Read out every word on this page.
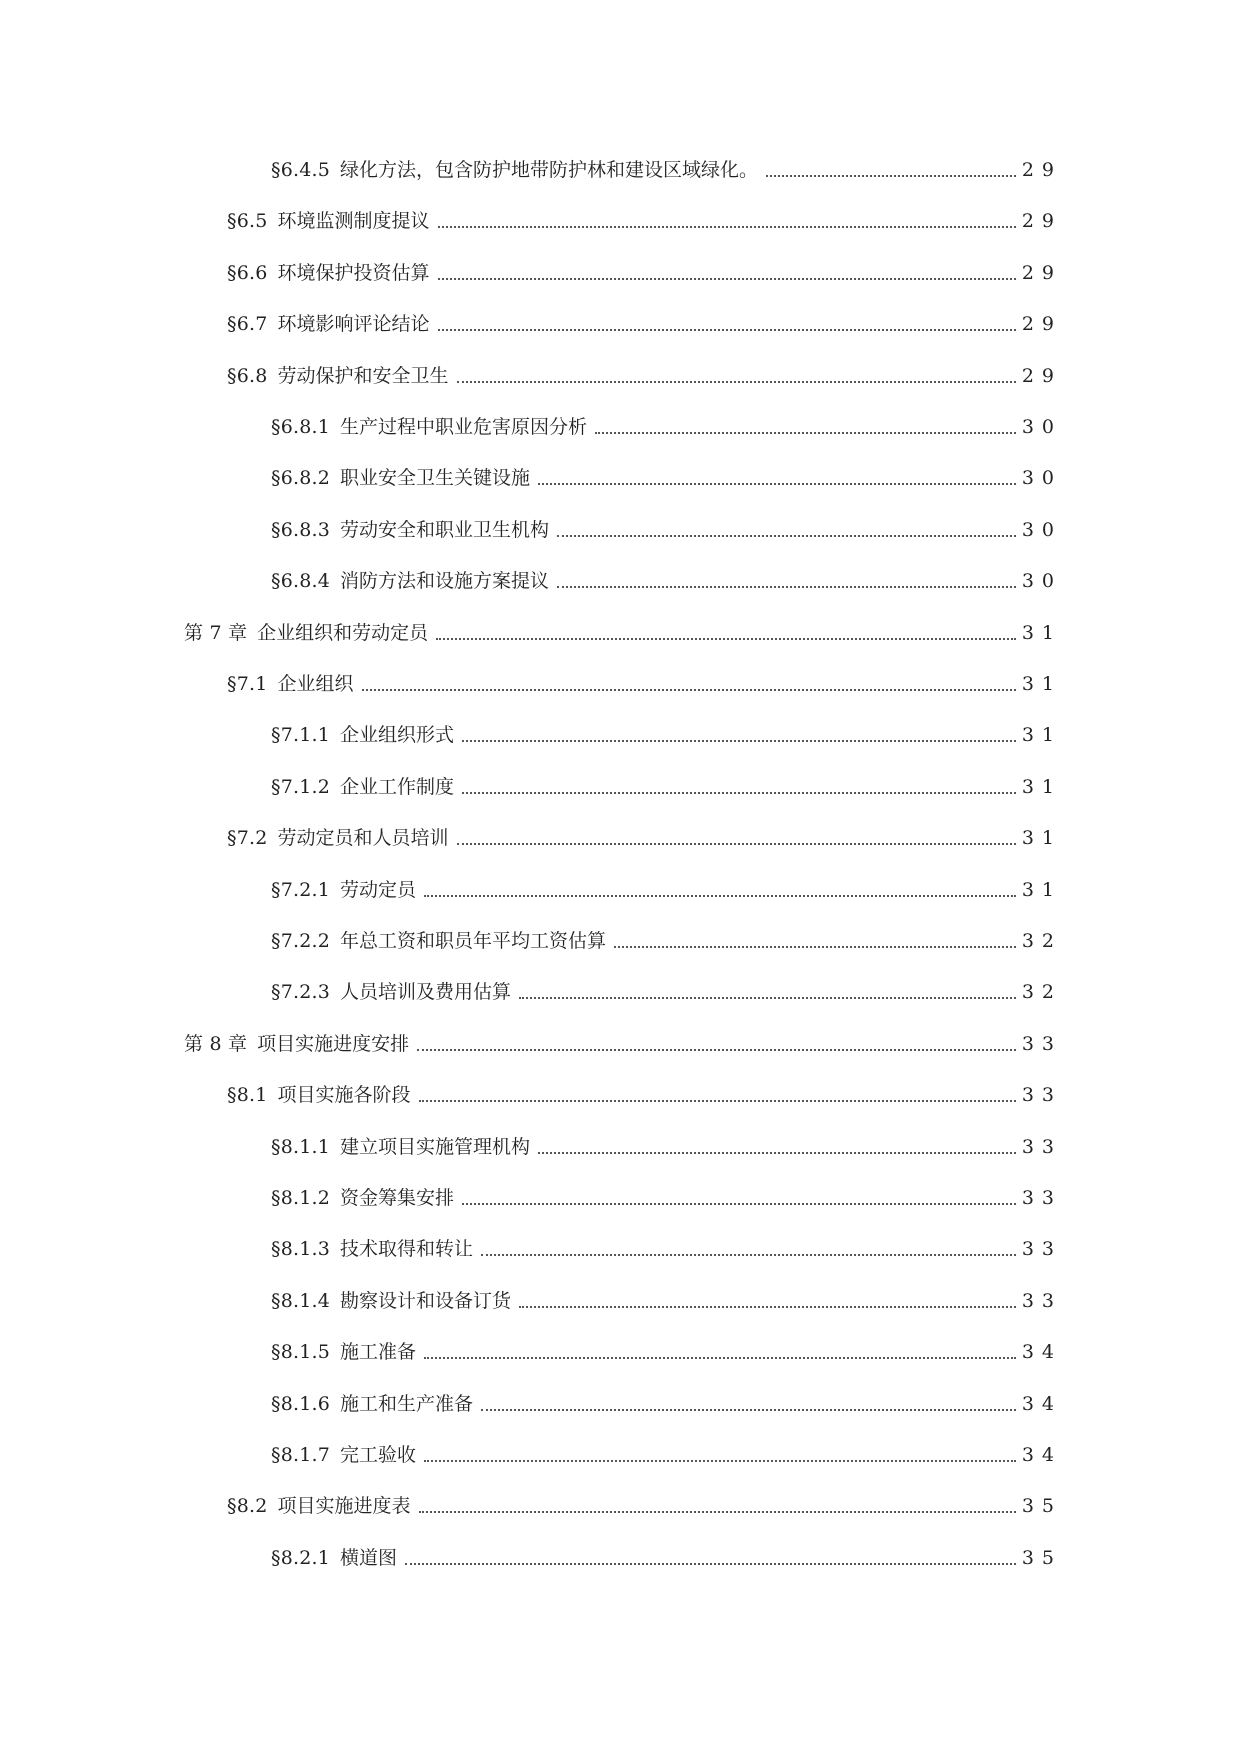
§6.4.5 绿化方法，包含防护地带防护林和建设区域绿化。	29
§6.5 环境监测制度提议	29
§6.6 环境保护投资估算	29
§6.7 环境影响评论结论	29
§6.8 劳动保护和安全卫生	29
§6.8.1 生产过程中职业危害原因分析	30
§6.8.2 职业安全卫生关键设施	30
§6.8.3 劳动安全和职业卫生机构	30
§6.8.4 消防方法和设施方案提议	30
第 7 章 企业组织和劳动定员	31
§7.1 企业组织	31
§7.1.1 企业组织形式	31
§7.1.2 企业工作制度	31
§7.2 劳动定员和人员培训	31
§7.2.1 劳动定员	31
§7.2.2 年总工资和职员年平均工资估算	32
§7.2.3 人员培训及费用估算	32
第 8 章 项目实施进度安排	33
§8.1 项目实施各阶段	33
§8.1.1 建立项目实施管理机构	33
§8.1.2 资金筹集安排	33
§8.1.3 技术取得和转让	33
§8.1.4 勘察设计和设备订货	33
§8.1.5 施工准备	34
§8.1.6 施工和生产准备	34
§8.1.7 完工验收	34
§8.2 项目实施进度表	35
§8.2.1 横道图	35
